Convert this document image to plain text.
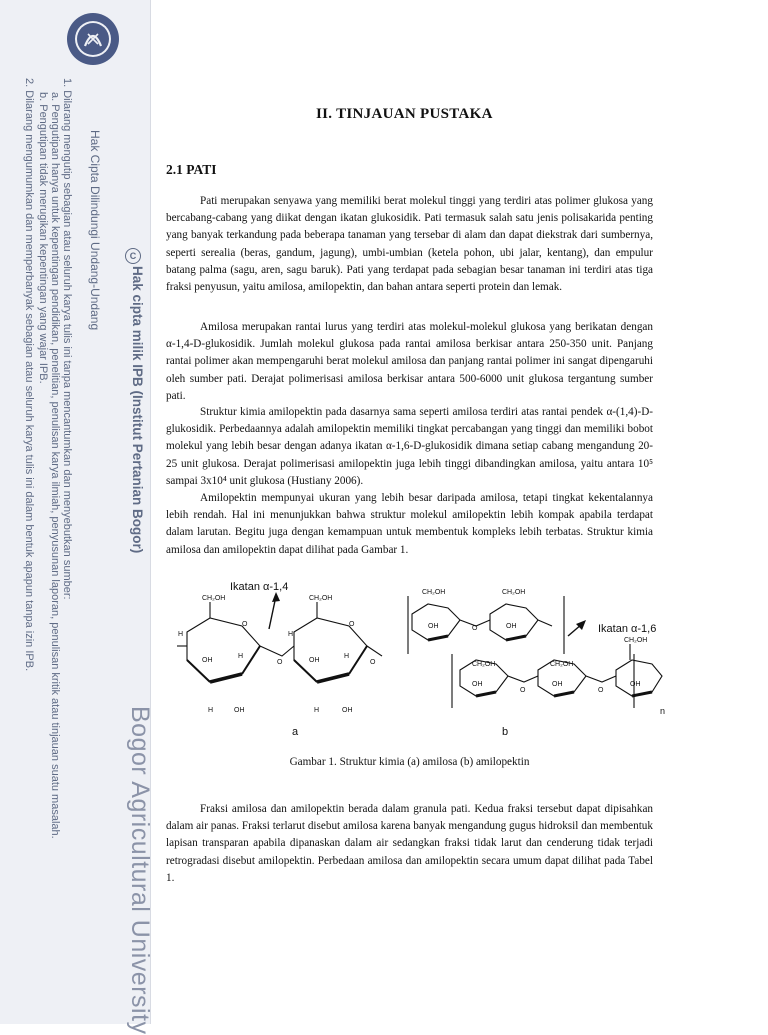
Hak Cipta Dilindungi Undang-Undang
1. Dilarang mengutip sebagian atau seluruh karya tulis ini tanpa mencantumkan dan menyebutkan sumber:
a. Pengutipan hanya untuk kepentingan pendidikan, penelitian, penulisan karya ilmiah, penyusunan laporan, penulisan kritik atau tinjauan suatu masalah.
b. Pengutipan tidak merugikan kepentingan yang wajar IPB.
2. Dilarang mengumumkan dan memperbanyak sebagian atau seluruh karya tulis ini dalam bentuk apapun tanpa izin IPB.	C
Hak cipta milik IPB (Institut Pertanian Bogor)
Bogor Agricultural University
II. TINJAUAN PUSTAKA
2.1 PATI

Pati merupakan senyawa yang memiliki berat molekul tinggi yang terdiri atas polimer glukosa yang bercabang-cabang yang diikat dengan ikatan glukosidik. Pati termasuk salah satu jenis polisakarida penting yang banyak terkandung pada beberapa tanaman yang tersebar di alam dan dapat diekstrak dari sumbernya, seperti serealia (beras, gandum, jagung), umbi-umbian (ketela pohon, ubi jalar, kentang), dan empulur batang palma (sagu, aren, sagu baruk). Pati yang terdapat pada sebagian besar tanaman ini terdiri atas tiga fraksi penyusun, yaitu amilosa, amilopektin, dan bahan antara seperti protein dan lemak.

Amilosa merupakan rantai lurus yang terdiri atas molekul-molekul glukosa yang berikatan dengan α-1,4-D-glukosidik. Jumlah molekul glukosa pada rantai amilosa berkisar antara 250-350 unit. Panjang rantai polimer akan mempengaruhi berat molekul amilosa dan panjang rantai polimer ini sangat dipengaruhi oleh sumber pati. Derajat polimerisasi amilosa berkisar antara 500-6000 unit glukosa tergantung sumber pati.

Struktur kimia amilopektin pada dasarnya sama seperti amilosa terdiri atas rantai pendek α-(1,4)-D-glukosidik. Perbedaannya adalah amilopektin memiliki tingkat percabangan yang tinggi dan memiliki bobot molekul yang lebih besar dengan adanya ikatan α-1,6-D-glukosidik dimana setiap cabang mengandung 20-25 unit glukosa. Derajat polimerisasi amilopektin juga lebih tinggi dibandingkan amilosa, yaitu antara 10⁵ sampai 3x10⁴ unit glukosa (Hustiany 2006).

Amilopektin mempunyai ukuran yang lebih besar daripada amilosa, tetapi tingkat kekentalannya lebih rendah. Hal ini menunjukkan bahwa struktur molekul amilopektin lebih kompak apabila terdapat dalam larutan. Begitu juga dengan kemampuan untuk membentuk kompleks lebih terbatas. Struktur kimia amilosa dan amilopektin dapat dilihat pada Gambar 1.

Fraksi amilosa dan amilopektin berada dalam granula pati. Kedua fraksi tersebut dapat dipisahkan dalam air panas. Fraksi terlarut disebut amilosa karena banyak mengandung gugus hidroksil dan membentuk lapisan transparan apabila dipanaskan dalam air sedangkan fraksi tidak larut dan cenderung tidak terjadi retrogradasi disebut amilopektin. Perbedaan amilosa dan amilopektin secara umum dapat dilihat pada Tabel 1.

CH₂OH	CH₂OH
O	O
O
OH	OH
OH	OH
H
H
H
H
H
H
O
CH₂OH	CH₂OH
CH₂OH	CH₂OH
CH₂OH
O
O	O
OH	OH
OH	OH	OH
n
Ikatan α-1,4
Ikatan α-1,6
a	b
Gambar 1. Struktur kimia (a) amilosa (b) amilopektin
